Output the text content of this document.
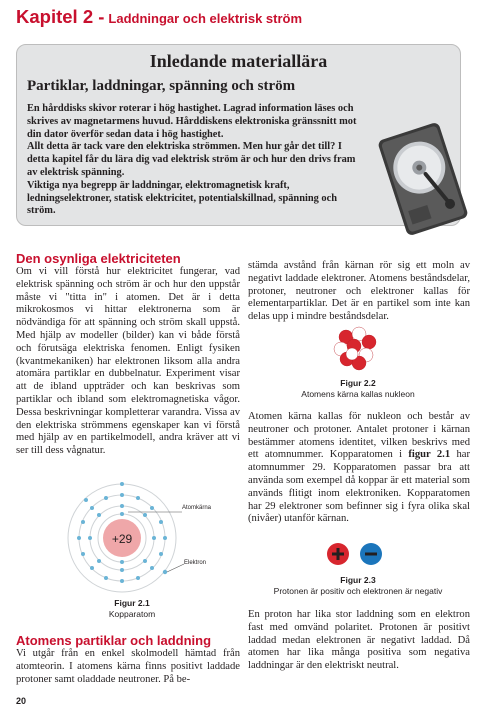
Kapitel 2 - Laddningar och elektrisk ström
Inledande materiallära
Partiklar, laddningar, spänning och ström

En hårddisks skivor roterar i hög hastighet. Lagrad information läses och skrives av magnetarmens huvud. Hårddiskens elektroniska gränssnitt mot din dator överför sedan data i hög hastighet.

Allt detta är tack vare den elektriska strömmen. Men hur går det till? I detta kapitel får du lära dig vad elektrisk ström är och hur den drivs fram av elektrisk spänning.

Viktiga nya begrepp är laddningar, elektromagnetisk kraft, ledningselektroner, statisk elektricitet, potentialskillnad, spänning och ström.

Den osynliga elektriciteten

Om vi vill förstå hur elektricitet fungerar, vad elektrisk spänning och ström är och hur den uppstår måste vi "titta in" i atomen. Det är i detta mikrokosmos vi hittar elektronerna som är nödvändiga för att spänning och ström skall uppstå. Med hjälp av modeller (bilder) kan vi både förstå och förutsäga elektriska fenomen. Enligt fysiken (kvantmekaniken) har elektronen liksom alla andra atomära partiklar en dubbelnatur. Experiment visar att de ibland uppträder och kan beskrivas som partiklar och ibland som elektromagnetiska vågor. Dessa beskrivningar kompletterar varandra. Vissa av den elektriska strömmens egenskaper kan vi förstå med hjälp av en partikelmodell, andra kräver att vi ser till dess vågnatur.

+29
Atomkärna
Elektron
Figur 2.1
Kopparatom
Atomens partiklar och laddning

Vi utgår från en enkel skolmodell hämtad från atomteorin. I atomens kärna finns positivt laddade protoner samt oladdade neutroner. På be-

stämda avstånd från kärnan rör sig ett moln av negativt laddade elektroner. Atomens beståndsdelar, protoner, neutroner och elektroner kallas för elementarpartiklar. Det är en partikel som inte kan delas upp i mindre beståndsdelar.

Figur 2.2
Atomens kärna kallas nukleon

Atomen kärna kallas för nukleon och består av neutroner och protoner. Antalet protoner i kärnan bestämmer atomens identitet, vilken beskrivs med ett atomnummer. Kopparatomen i figur 2.1 har atomnummer 29. Kopparatomen passar bra att använda som exempel då koppar är ett material som används flitigt inom elektroniken. Kopparatomen har 29 elektroner som befinner sig i fyra olika skal (nivåer) utanför kärnan.

Figur 2.3
Protonen är positiv och elektronen är negativ

En proton har lika stor laddning som en elektron fast med omvänd polaritet. Protonen är positivt laddad medan elektronen är negativt laddad. Då atomen har lika många positiva som negativa laddningar är den elektriskt neutral.

20
